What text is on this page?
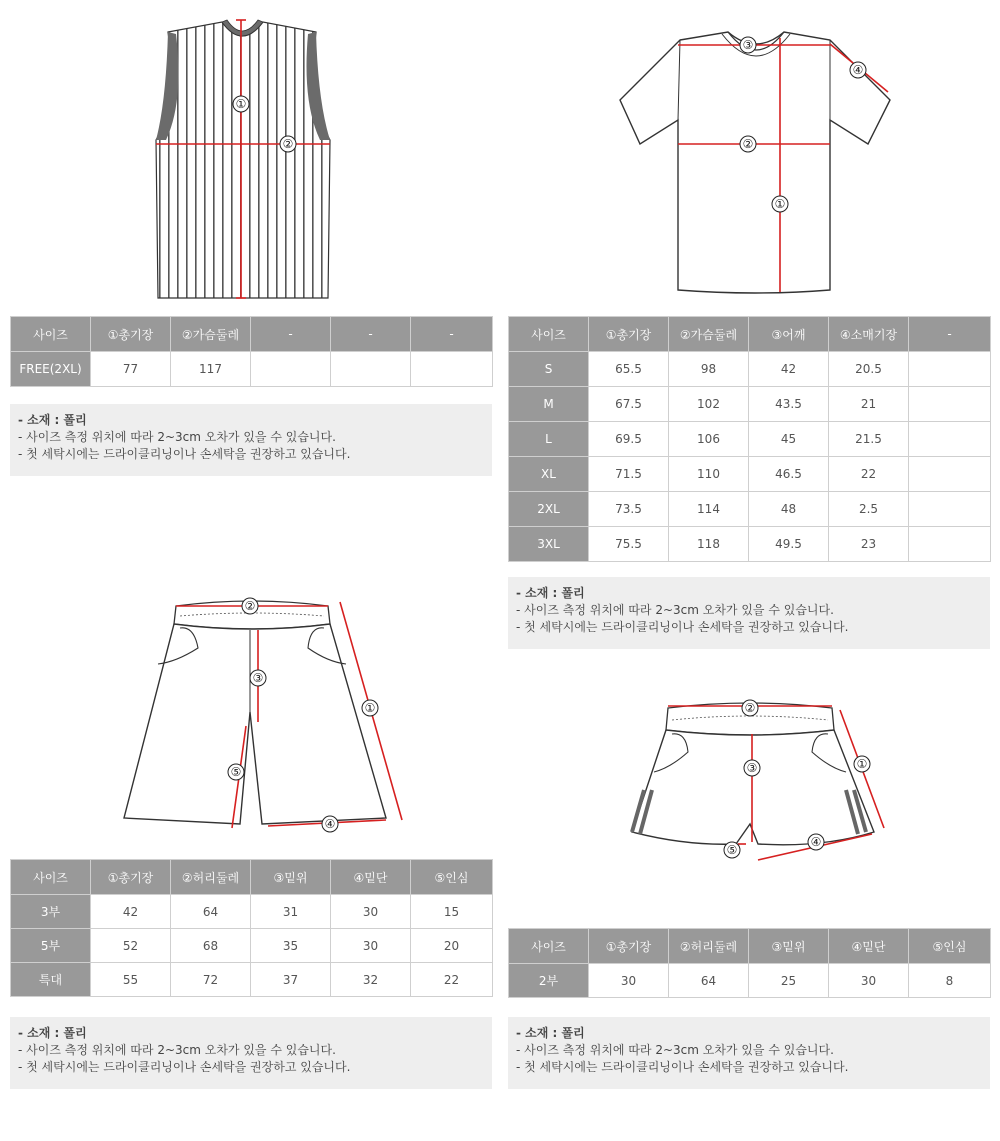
①
②
③
④
②
①
사이즈	①총기장	②가슴둘레	-	-	-
FREE(2XL)	77	117			
- 소재 : 폴리
- 사이즈 측정 위치에 따라 2~3cm 오차가 있을 수 있습니다.
- 첫 세탁시에는 드라이클리닝이나 손세탁을 권장하고 있습니다.
사이즈	①총기장	②가슴둘레	③어깨	④소매기장	-
S	65.5	98	42	20.5	
M	67.5	102	43.5	21	
L	69.5	106	45	21.5	
XL	71.5	110	46.5	22	
2XL	73.5	114	48	2.5	
3XL	75.5	118	49.5	23	
- 소재 : 폴리
- 사이즈 측정 위치에 따라 2~3cm 오차가 있을 수 있습니다.
- 첫 세탁시에는 드라이클리닝이나 손세탁을 권장하고 있습니다.
②
③
①
⑤
④
②
③	①
⑤
④
사이즈	①총기장	②허리둘레	③밑위	④밑단	⑤인심
3부	42	64	31	30	15
5부	52	68	35	30	20
특대	55	72	37	32	22
- 소재 : 폴리
- 사이즈 측정 위치에 따라 2~3cm 오차가 있을 수 있습니다.
- 첫 세탁시에는 드라이클리닝이나 손세탁을 권장하고 있습니다.
사이즈	①총기장	②허리둘레	③밑위	④밑단	⑤인심
2부	30	64	25	30	8
- 소재 : 폴리
- 사이즈 측정 위치에 따라 2~3cm 오차가 있을 수 있습니다.
- 첫 세탁시에는 드라이클리닝이나 손세탁을 권장하고 있습니다.
